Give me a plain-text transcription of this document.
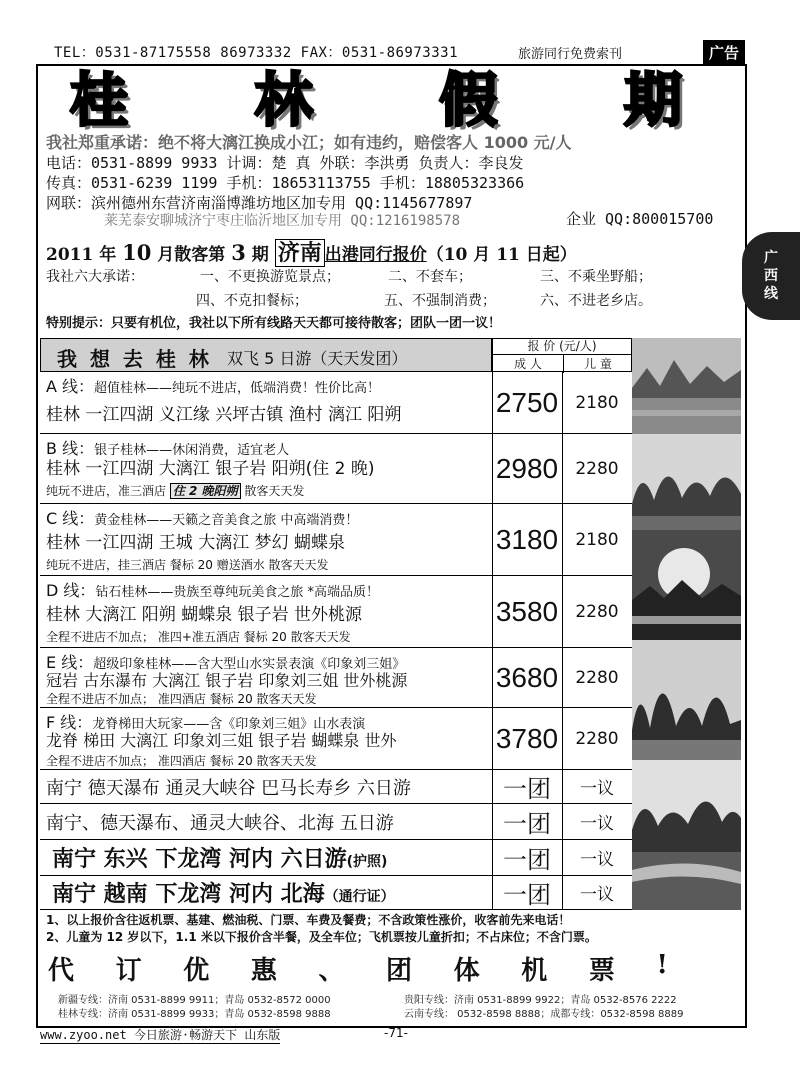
TEL：0531-87175558 86973332 FAX：0531-86973331	旅游同行免费索刊	广告
桂 林 假 期
我社郑重承诺：绝不将大漓江换成小江；如有违约，赔偿客人 1000 元/人
电话：0531-8899 9933 计调：楚 真 外联：李洪勇 负责人：李良发
传真：0531-6239 1199 手机：18653113755 手机：18805323366
网联：滨州德州东营济南淄博潍坊地区加专用 QQ:1145677897
莱芜泰安聊城济宁枣庄临沂地区加专用 QQ:1216198578	企业 QQ:800015700
2011 年 10 月散客第 3 期 济南 出港同行报价（10 月 11 日起）
我社六大承诺：	一、不更换游览景点；	二、不套车；	三、不乘坐野船；
四、不克扣餐标；	五、不强制消费；	六、不进老乡店。
特别提示：只要有机位，我社以下所有线路天天都可接待散客；团队一团一议！
广
西
线
我 想 去 桂 林 双飞 5 日游（天天发团）
报 价 (元/人)
成 人	儿 童
A 线：超值桂林——纯玩不进店，低端消费！性价比高！
桂林 一江四湖 义江缘 兴坪古镇 渔村 漓江 阳朔	2750	2180
B 线：银子桂林——休闲消费，适宜老人
桂林 一江四湖 大漓江 银子岩 阳朔(住 2 晚)
纯玩不进店，准三酒店 住 2 晚阳朔 散客天天发
2980	2280
C 线：黄金桂林——天籁之音美食之旅 中高端消费！
桂林 一江四湖 王城 大漓江 梦幻 蝴蝶泉
纯玩不进店，挂三酒店 餐标 20 赠送酒水 散客天天发
3180	2180
D 线：钻石桂林——贵族至尊纯玩美食之旅 *高端品质！
桂林 大漓江 阳朔 蝴蝶泉 银子岩 世外桃源
全程不进店不加点； 准四+准五酒店 餐标 20 散客天天发
3580	2280
E 线：超级印象桂林——含大型山水实景表演《印象刘三姐》
冠岩 古东瀑布 大漓江 银子岩 印象刘三姐 世外桃源
全程不进店不加点； 准四酒店 餐标 20 散客天天发
3680	2280
F 线：龙脊梯田大玩家——含《印象刘三姐》山水表演
龙脊 梯田 大漓江 印象刘三姐 银子岩 蝴蝶泉 世外
全程不进店不加点； 准四酒店 餐标 20 散客天天发
3780	2280
南宁 德天瀑布 通灵大峡谷 巴马长寿乡 六日游	一团	一议
南宁、德天瀑布、通灵大峡谷、北海 五日游	一团	一议
南宁 东兴 下龙湾 河内 六日游(护照)	一团	一议
南宁 越南 下龙湾 河内 北海（通行证）	一团	一议
1、以上报价含往返机票、基建、燃油税、门票、车费及餐费；不含政策性涨价，收客前先来电话！
2、儿童为 12 岁以下，1.1 米以下报价含半餐，及全车位；飞机票按儿童折扣；不占床位；不含门票。
代 订 优 惠 、 团 体 机 票 !
新疆专线：济南 0531-8899 9911；青岛 0532-8572 0000
桂林专线：济南 0531-8899 9933；青岛 0532-8598 9888
贵阳专线：济南 0531-8899 9922；青岛 0532-8576 2222
云南专线： 0532-8598 8888；成都专线：0532-8598 8889
www.zyoo.net 今日旅游·畅游天下 山东版	-71-
